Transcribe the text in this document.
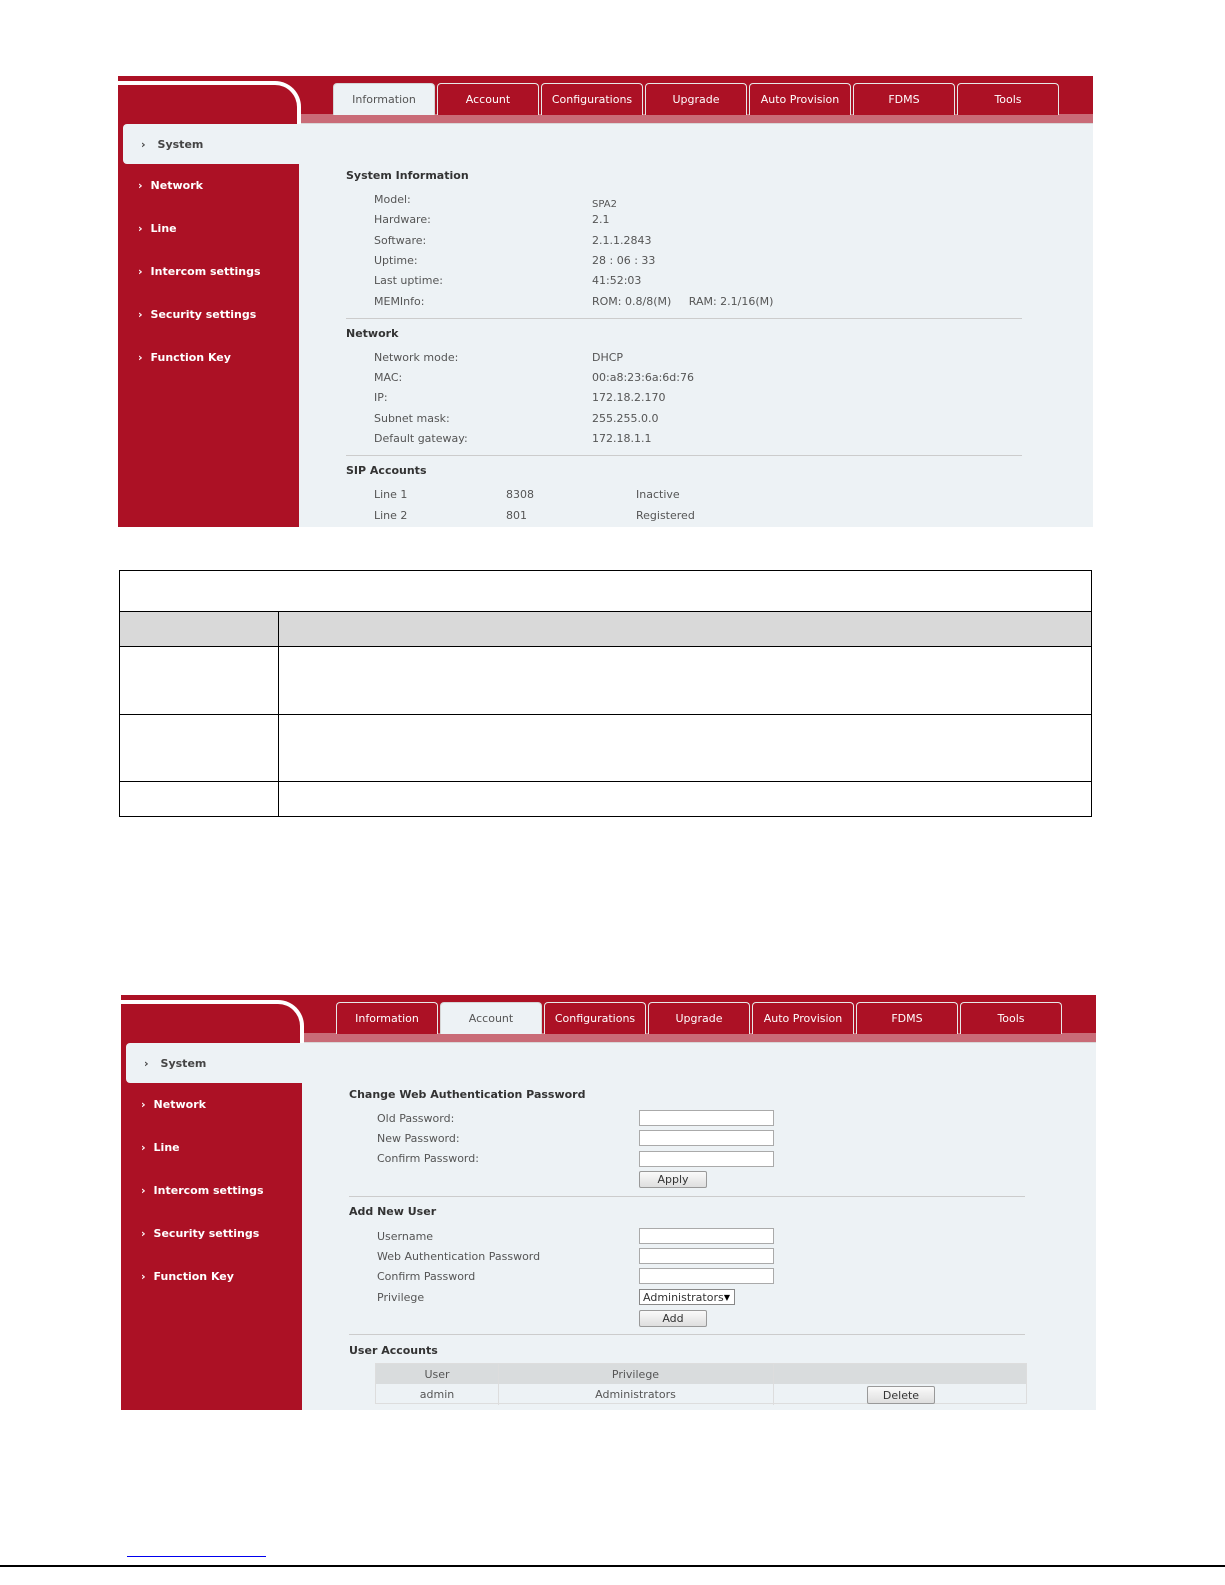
Information	Account	Configurations	Upgrade	Auto Provision	FDMS	Tools
› System
› Network
› Line
› Intercom settings
› Security settings
› Function Key
System Information
Model:	SPA2
Hardware:	2.1
Software:	2.1.1.2843
Uptime:	28 : 06 : 33
Last uptime:	41:52:03
MEMInfo:	ROM: 0.8/8(M)     RAM: 2.1/16(M)
Network
Network mode:	DHCP
MAC:	00:a8:23:6a:6d:76
IP:	172.18.2.170
Subnet mask:	255.255.0.0
Default gateway:	172.18.1.1
SIP Accounts
Line 1	8308	Inactive
Line 2	801	Registered
Information	Account	Configurations	Upgrade	Auto Provision	FDMS	Tools
› System
› Network
› Line
› Intercom settings
› Security settings
› Function Key
Change Web Authentication Password
Old Password:
New Password:
Confirm Password:
Apply
Add New User
Username
Web Authentication Password
Confirm Password
Privilege	Administrators ▼
Add
User Accounts
User	Privilege
admin	Administrators	Delete
